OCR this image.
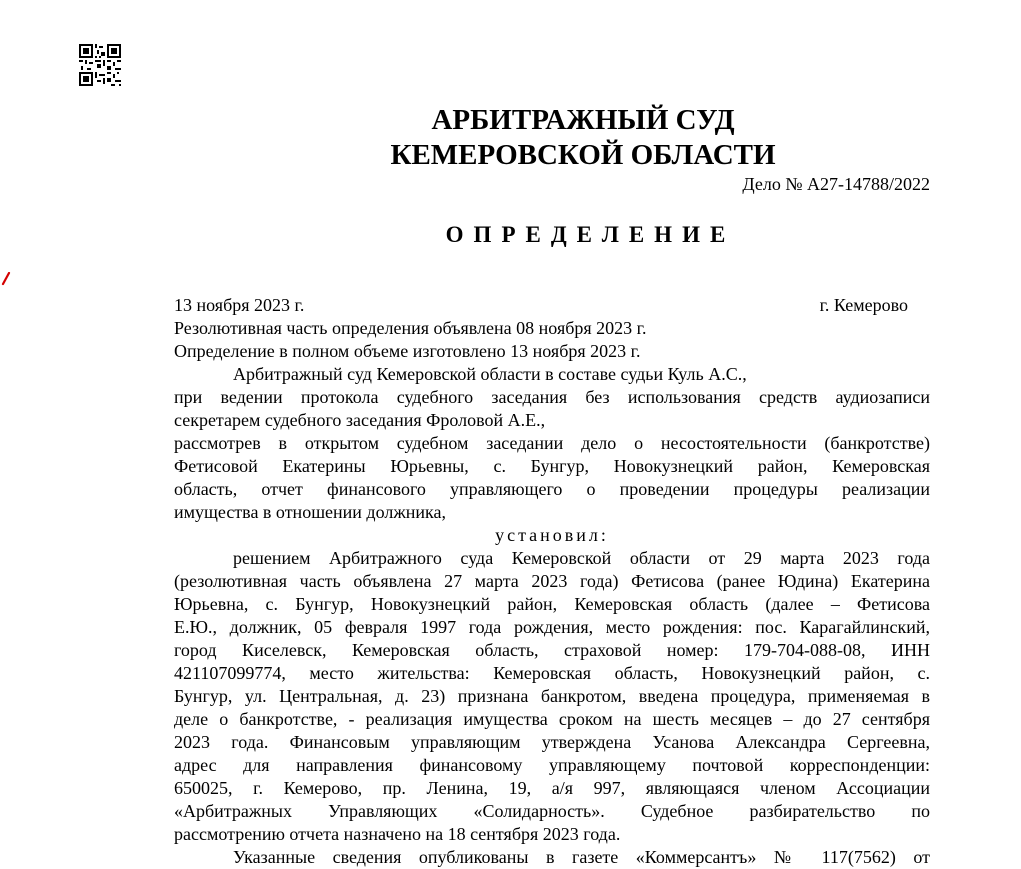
АРБИТРАЖНЫЙ СУД
КЕМЕРОВСКОЙ ОБЛАСТИ
Дело № А27-14788/2022
ОПРЕДЕЛЕНИЕ
13 ноября 2023 г.	г. Кемерово
Резолютивная часть определения объявлена 08 ноября 2023 г.
Определение в полном объеме изготовлено 13 ноября 2023 г.
Арбитражный суд Кемеровской области в составе судьи Куль А.С.,
при ведении протокола судебного заседания без использования средств аудиозаписи
секретарем судебного заседания Фроловой А.Е.,
рассмотрев в открытом судебном заседании дело о несостоятельности (банкротстве)
Фетисовой Екатерины Юрьевны, с. Бунгур, Новокузнецкий район, Кемеровская
область, отчет финансового управляющего о проведении процедуры реализации
имущества в отношении должника,
установил:
решением Арбитражного суда Кемеровской области от 29 марта 2023 года
(резолютивная часть объявлена 27 марта 2023 года) Фетисова (ранее Юдина) Екатерина
Юрьевна, с. Бунгур, Новокузнецкий район, Кемеровская область (далее – Фетисова
Е.Ю., должник, 05 февраля 1997 года рождения, место рождения: пос. Карагайлинский,
город Киселевск, Кемеровская область, страховой номер: 179-704-088-08, ИНН
421107099774, место жительства: Кемеровская область, Новокузнецкий район, с.
Бунгур, ул. Центральная, д. 23) признана банкротом, введена процедура, применяемая в
деле о банкротстве, - реализация имущества сроком на шесть месяцев – до 27 сентября
2023 года. Финансовым управляющим утверждена Усанова Александра Сергеевна,
адрес для направления финансовому управляющему почтовой корреспонденции:
650025, г. Кемерово, пр. Ленина, 19, а/я 997, являющаяся членом Ассоциации
«Арбитражных Управляющих «Солидарность». Судебное разбирательство по
рассмотрению отчета назначено на 18 сентября 2023 года.
Указанные сведения опубликованы в газете «Коммерсантъ» № 117(7562) от
